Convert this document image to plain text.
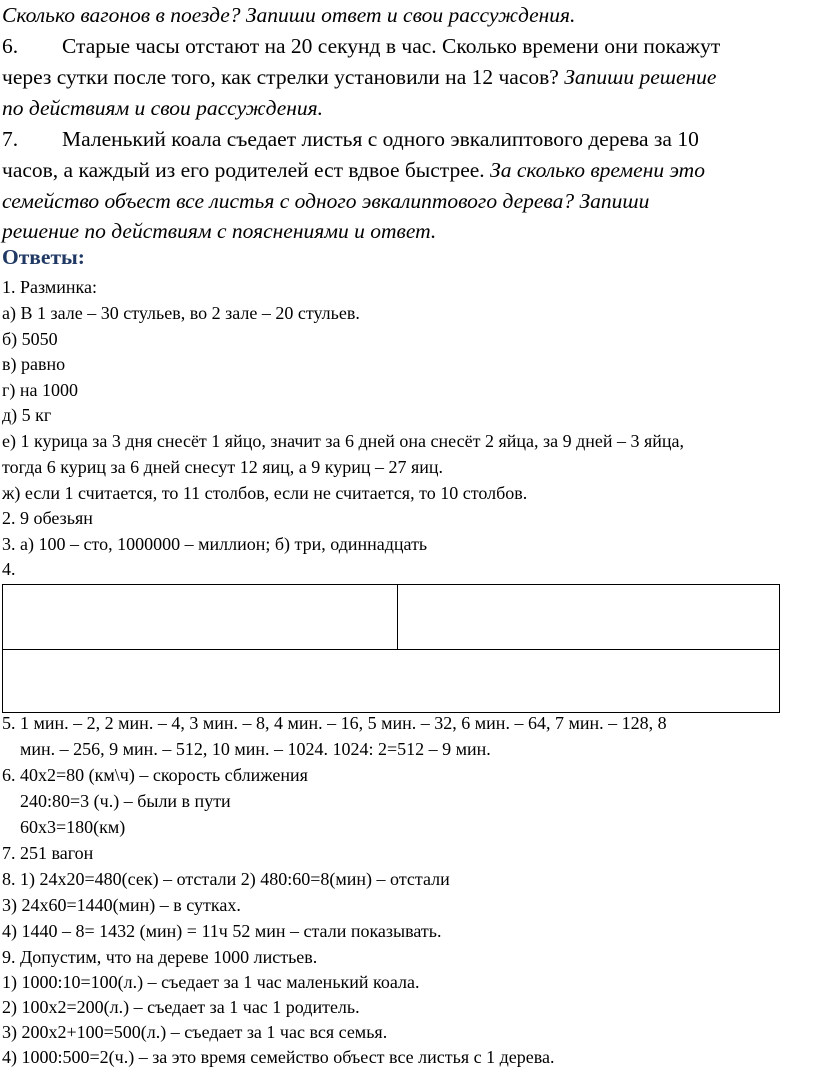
Сколько вагонов в поезде? Запиши ответ и свои рассуждения.
6. Старые часы отстают на 20 секунд в час. Сколько времени они покажут
через сутки после того, как стрелки установили на 12 часов? Запиши решение
по действиям и свои рассуждения.
7. Маленький коала съедает листья с одного эвкалиптового дерева за 10
часов, а каждый из его родителей ест вдвое быстрее. За сколько времени это
семейство объест все листья с одного эвкалиптового дерева? Запиши
решение по действиям с пояснениями и ответ.
Ответы:
1. Разминка:
а) В 1 зале – 30 стульев, во 2 зале – 20 стульев.
б) 5050
в) равно
г) на 1000
д) 5 кг
е) 1 курица за 3 дня снесёт 1 яйцо, значит за 6 дней она снесёт 2 яйца, за 9 дней – 3 яйца,
тогда 6 куриц за 6 дней снесут 12 яиц, а 9 куриц – 27 яиц.
ж) если 1 считается, то 11 столбов, если не считается, то 10 столбов.
2. 9 обезьян
3. а) 100 – сто, 1000000 – миллион; б) три, одиннадцать
4.

5. 1 мин. – 2, 2 мин. – 4, 3 мин. – 8, 4 мин. – 16, 5 мин. – 32, 6 мин. – 64, 7 мин. – 128, 8
мин. – 256, 9 мин. – 512, 10 мин. – 1024. 1024: 2=512 – 9 мин.
6. 40х2=80 (км\ч) – скорость сближения
240:80=3 (ч.) – были в пути
60х3=180(км)
7. 251 вагон
8. 1) 24х20=480(сек) – отстали 2) 480:60=8(мин) – отстали
3) 24х60=1440(мин) – в сутках.
4) 1440 – 8= 1432 (мин) = 11ч 52 мин – стали показывать.
9. Допустим, что на дереве 1000 листьев.
1) 1000:10=100(л.) – съедает за 1 час маленький коала.
2) 100х2=200(л.) – съедает за 1 час 1 родитель.
3) 200х2+100=500(л.) – съедает за 1 час вся семья.
4) 1000:500=2(ч.) – за это время семейство объест все листья с 1 дерева.
